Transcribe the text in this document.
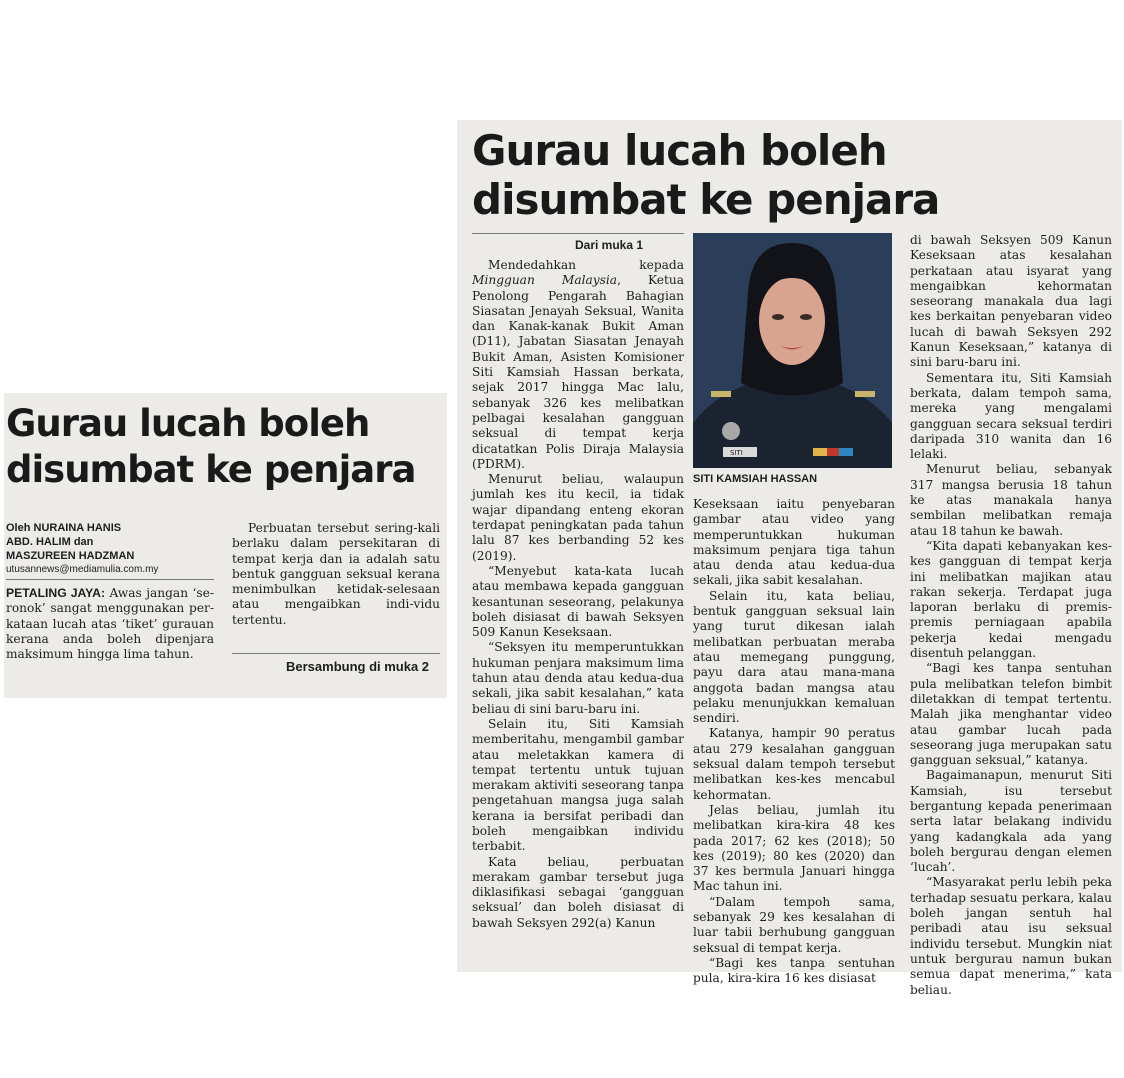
Gurau lucah boleh disumbat ke penjara
Oleh NURAINA HANIS
ABD. HALIM dan
MASZUREEN HADZMAN
utusannews@mediamulia.com.my

PETALING JAYA: Awas jangan ‘se-ronok’ sangat menggunakan per-kataan lucah atas ‘tiket’ gurauan kerana anda boleh dipenjara maksimum hingga lima tahun.

Perbuatan tersebut sering-kali berlaku dalam persekitaran di tempat kerja dan ia adalah satu bentuk gangguan seksual kerana menimbulkan ketidak-selesaan atau mengaibkan indi-vidu tertentu.

Bersambung di muka 2
Gurau lucah boleh disumbat ke penjara
Dari muka 1

Mendedahkan kepada Mingguan Malaysia, Ketua Penolong Pengarah Bahagian Siasatan Jenayah Seksual, Wanita dan Kanak-kanak Bukit Aman (D11), Jabatan Siasatan Jenayah Bukit Aman, Asisten Komisioner Siti Kamsiah Hassan berkata, sejak 2017 hingga Mac lalu, sebanyak 326 kes melibatkan pelbagai kesalahan gangguan seksual di tempat kerja dicatatkan Polis Diraja Malaysia (PDRM).

Menurut beliau, walaupun jumlah kes itu kecil, ia tidak wajar dipandang enteng ekoran terdapat peningkatan pada tahun lalu 87 kes berbanding 52 kes (2019).

“Menyebut kata-kata lucah atau membawa kepada gangguan kesantunan seseorang, pelakunya boleh disiasat di bawah Seksyen 509 Kanun Keseksaan.

“Seksyen itu memperuntukkan hukuman penjara maksimum lima tahun atau denda atau kedua-dua sekali, jika sabit kesalahan,” kata beliau di sini baru-baru ini.

Selain itu, Siti Kamsiah memberitahu, mengambil gambar atau meletakkan kamera di tempat tertentu untuk tujuan merakam aktiviti seseorang tanpa pengetahuan mangsa juga salah kerana ia bersifat peribadi dan boleh mengaibkan individu terbabit.

Kata beliau, perbuatan merakam gambar tersebut juga diklasifikasi sebagai ‘gangguan seksual’ dan boleh disiasat di bawah Seksyen 292(a) Kanun

SITI
SITI KAMSIAH HASSAN

Keseksaan iaitu penyebaran gambar atau video yang memperuntukkan hukuman maksimum penjara tiga tahun atau denda atau kedua-dua sekali, jika sabit kesalahan.

Selain itu, kata beliau, bentuk gangguan seksual lain yang turut dikesan ialah melibatkan perbuatan meraba atau memegang punggung, payu dara atau mana-mana anggota badan mangsa atau pelaku menunjukkan kemaluan sendiri.

Katanya, hampir 90 peratus atau 279 kesalahan gangguan seksual dalam tempoh tersebut melibatkan kes-kes mencabul kehormatan.

Jelas beliau, jumlah itu melibatkan kira-kira 48 kes pada 2017; 62 kes (2018); 50 kes (2019); 80 kes (2020) dan 37 kes bermula Januari hingga Mac tahun ini.

“Dalam tempoh sama, sebanyak 29 kes kesalahan di luar tabii berhubung gangguan seksual di tempat kerja.

“Bagi kes tanpa sentuhan pula, kira-kira 16 kes disiasat

di bawah Seksyen 509 Kanun Keseksaan atas kesalahan perkataan atau isyarat yang mengaibkan kehormatan seseorang manakala dua lagi kes berkaitan penyebaran video lucah di bawah Seksyen 292 Kanun Keseksaan,” katanya di sini baru-baru ini.

Sementara itu, Siti Kamsiah berkata, dalam tempoh sama, mereka yang mengalami gangguan secara seksual terdiri daripada 310 wanita dan 16 lelaki.

Menurut beliau, sebanyak 317 mangsa berusia 18 tahun ke atas manakala hanya sembilan melibatkan remaja atau 18 tahun ke bawah.

“Kita dapati kebanyakan kes-kes gangguan di tempat kerja ini melibatkan majikan atau rakan sekerja. Terdapat juga laporan berlaku di premis-premis perniagaan apabila pekerja kedai mengadu disentuh pelanggan.

“Bagi kes tanpa sentuhan pula melibatkan telefon bimbit diletakkan di tempat tertentu. Malah jika menghantar video atau gambar lucah pada seseorang juga merupakan satu gangguan seksual,” katanya.

Bagaimanapun, menurut Siti Kamsiah, isu tersebut bergantung kepada penerimaan serta latar belakang individu yang kadangkala ada yang boleh bergurau dengan elemen ‘lucah’.

“Masyarakat perlu lebih peka terhadap sesuatu perkara, kalau boleh jangan sentuh hal peribadi atau isu seksual individu tersebut. Mungkin niat untuk bergurau namun bukan semua dapat menerima,” kata beliau.
